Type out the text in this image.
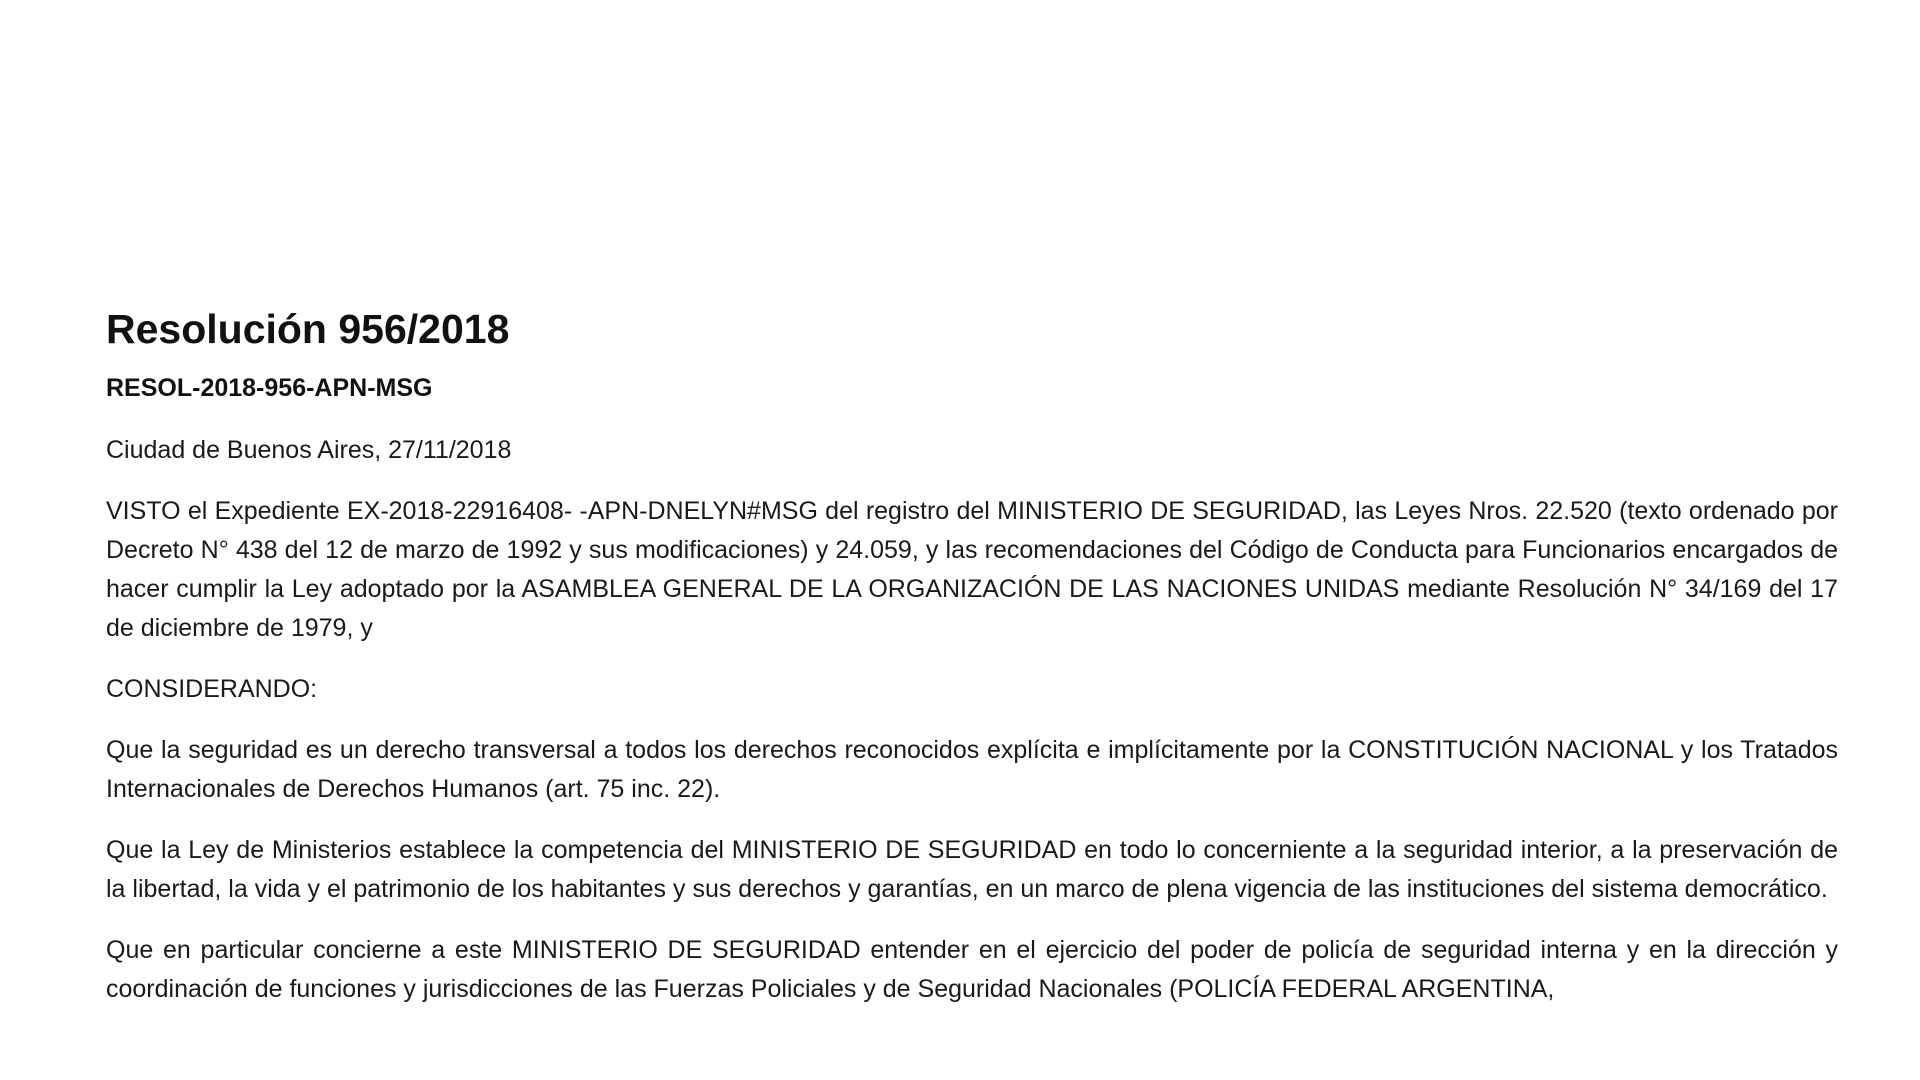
Resolución 956/2018
RESOL-2018-956-APN-MSG

Ciudad de Buenos Aires, 27/11/2018

VISTO el Expediente EX-2018-22916408- -APN-DNELYN#MSG del registro del MINISTERIO DE SEGURIDAD, las Leyes Nros. 22.520 (texto ordenado por Decreto N° 438 del 12 de marzo de 1992 y sus modificaciones) y 24.059, y las recomendaciones del Código de Conducta para Funcionarios encargados de hacer cumplir la Ley adoptado por la ASAMBLEA GENERAL DE LA ORGANIZACIÓN DE LAS NACIONES UNIDAS mediante Resolución N° 34/169 del 17 de diciembre de 1979, y

CONSIDERANDO:

Que la seguridad es un derecho transversal a todos los derechos reconocidos explícita e implícitamente por la CONSTITUCIÓN NACIONAL y los Tratados Internacionales de Derechos Humanos (art. 75 inc. 22).

Que la Ley de Ministerios establece la competencia del MINISTERIO DE SEGURIDAD en todo lo concerniente a la seguridad interior, a la preservación de la libertad, la vida y el patrimonio de los habitantes y sus derechos y garantías, en un marco de plena vigencia de las instituciones del sistema democrático.

Que en particular concierne a este MINISTERIO DE SEGURIDAD entender en el ejercicio del poder de policía de seguridad interna y en la dirección y coordinación de funciones y jurisdicciones de las Fuerzas Policiales y de Seguridad Nacionales (POLICÍA FEDERAL ARGENTINA,
